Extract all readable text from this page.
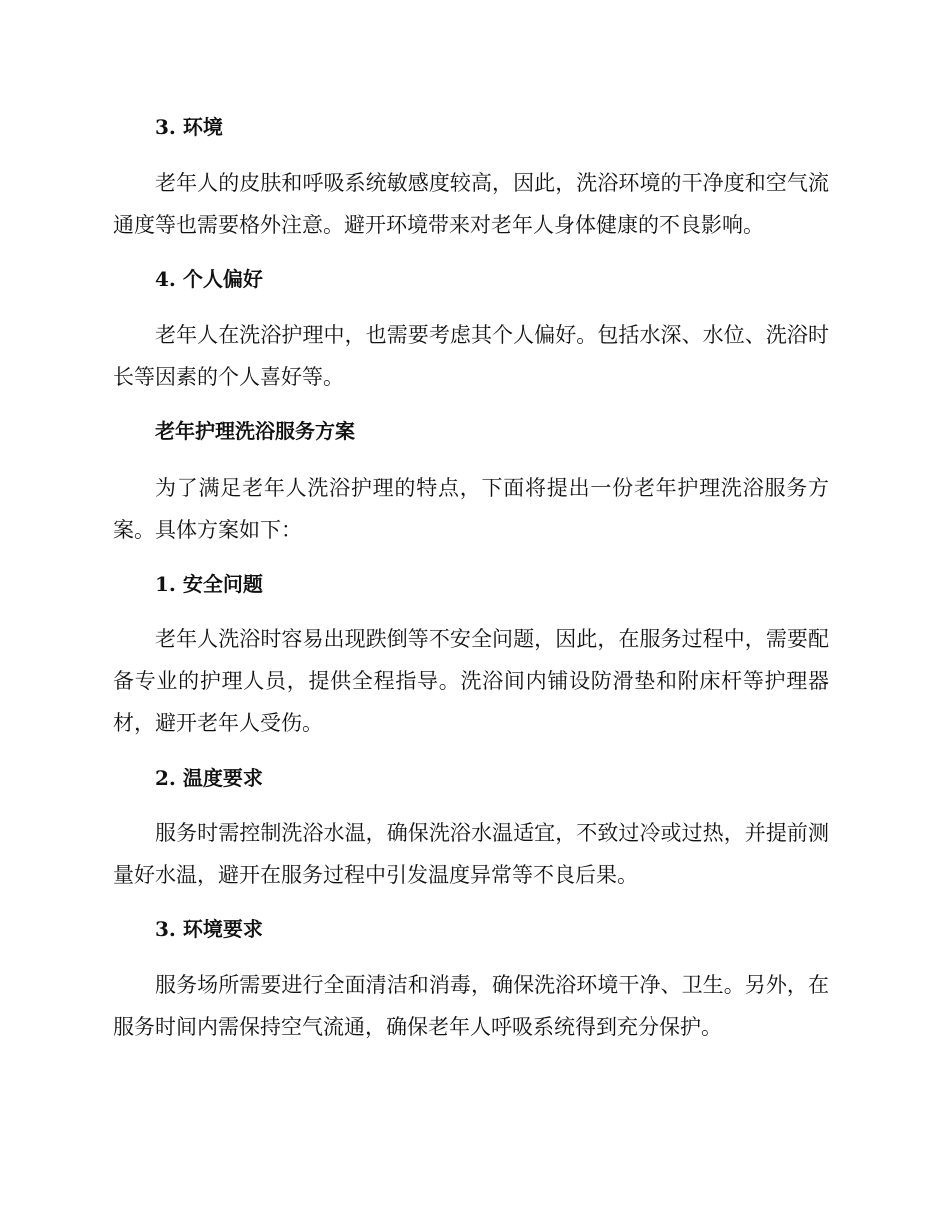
3. 环境
老年人的皮肤和呼吸系统敏感度较高，因此，洗浴环境的干净度和空气流通度等也需要格外注意。避开环境带来对老年人身体健康的不良影响。
4. 个人偏好
老年人在洗浴护理中，也需要考虑其个人偏好。包括水深、水位、洗浴时长等因素的个人喜好等。
老年护理洗浴服务方案
为了满足老年人洗浴护理的特点，下面将提出一份老年护理洗浴服务方案。具体方案如下：
1. 安全问题
老年人洗浴时容易出现跌倒等不安全问题，因此，在服务过程中，需要配备专业的护理人员，提供全程指导。洗浴间内铺设防滑垫和附床杆等护理器材，避开老年人受伤。
2. 温度要求
服务时需控制洗浴水温，确保洗浴水温适宜，不致过冷或过热，并提前测量好水温，避开在服务过程中引发温度异常等不良后果。
3. 环境要求
服务场所需要进行全面清洁和消毒，确保洗浴环境干净、卫生。另外，在服务时间内需保持空气流通，确保老年人呼吸系统得到充分保护。
